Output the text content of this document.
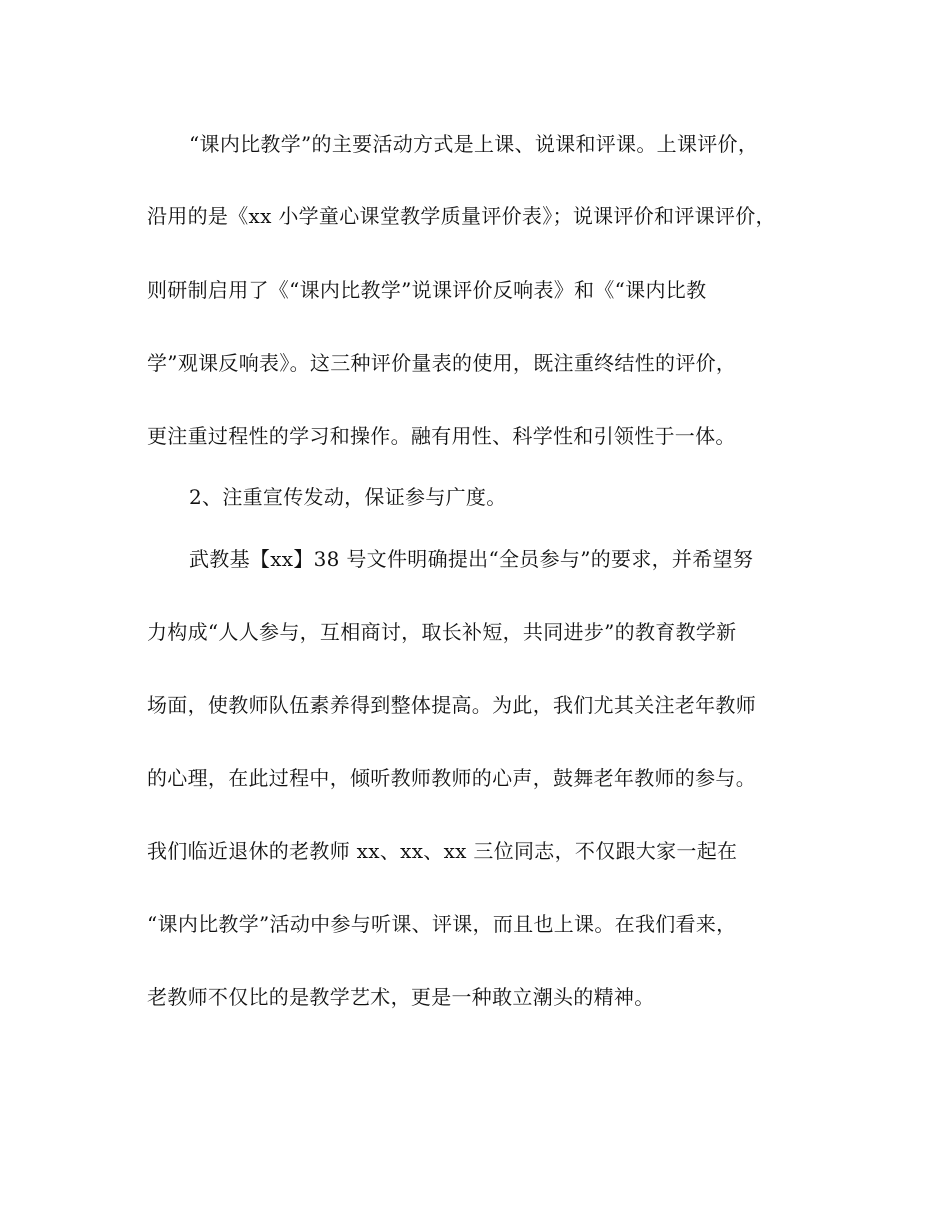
“课内比教学”的主要活动方式是上课、说课和评课。上课评价，
沿用的是《xx 小学童心课堂教学质量评价表》；说课评价和评课评价，
则研制启用了《“课内比教学”说课评价反响表》和《“课内比教
学”观课反响表》。这三种评价量表的使用，既注重终结性的评价，
更注重过程性的学习和操作。融有用性、科学性和引领性于一体。
2、注重宣传发动，保证参与广度。
武教基【xx】38 号文件明确提出“全员参与”的要求，并希望努
力构成“人人参与，互相商讨，取长补短，共同进步”的教育教学新
场面，使教师队伍素养得到整体提高。为此，我们尤其关注老年教师
的心理，在此过程中，倾听教师教师的心声，鼓舞老年教师的参与。
我们临近退休的老教师 xx、xx、xx 三位同志，不仅跟大家一起在
“课内比教学”活动中参与听课、评课，而且也上课。在我们看来，
老教师不仅比的是教学艺术，更是一种敢立潮头的精神。
